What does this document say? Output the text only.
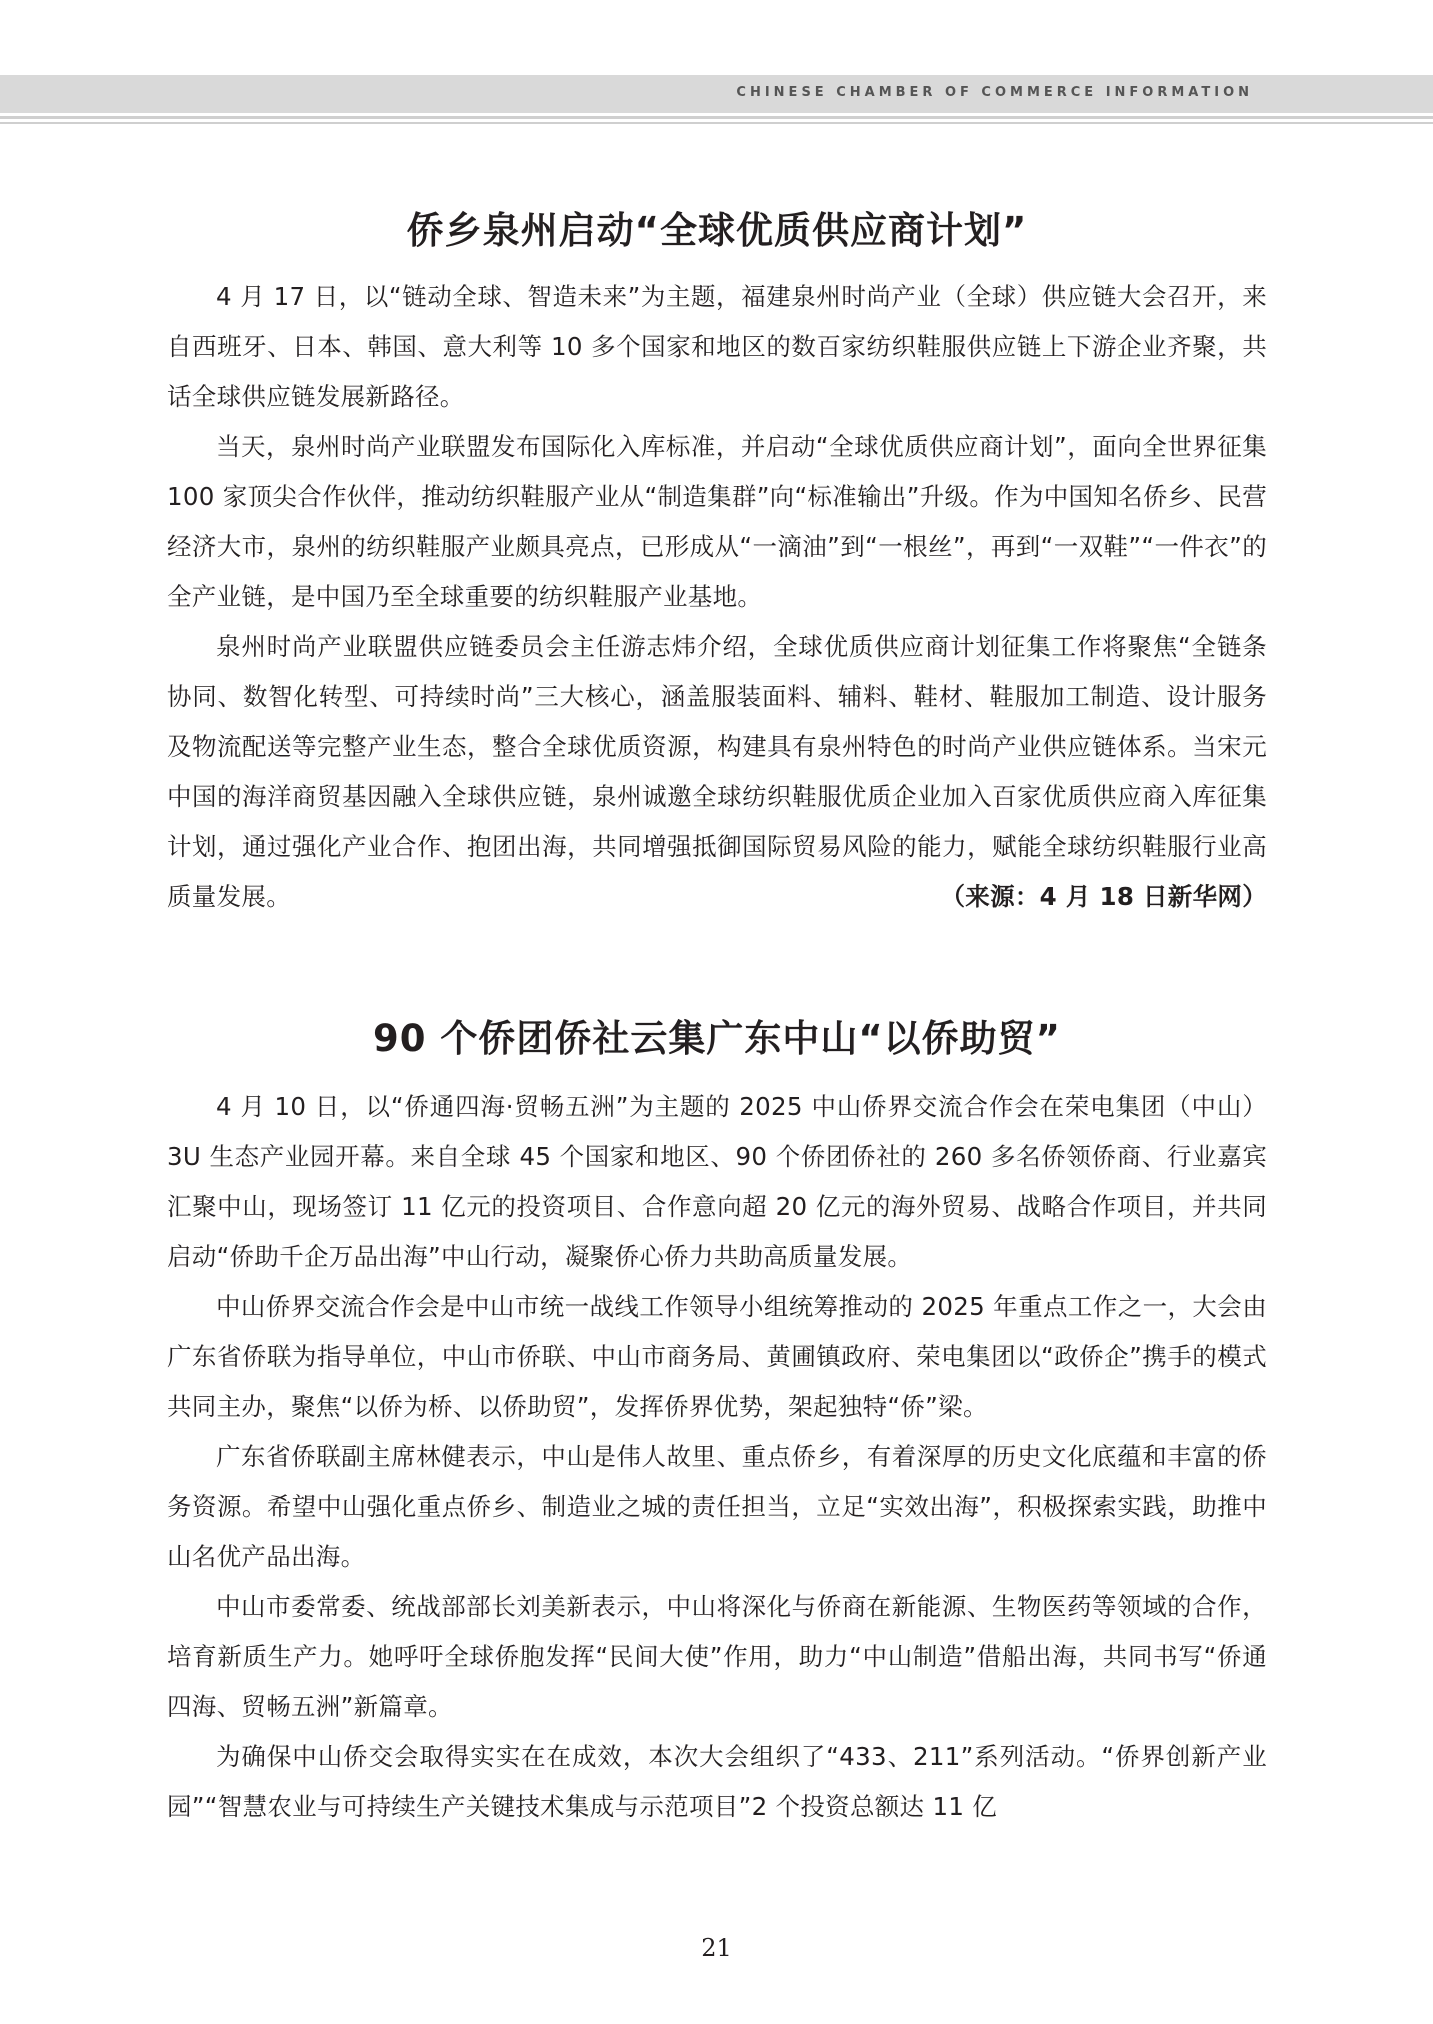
CHINESE CHAMBER OF COMMERCE INFORMATION
侨乡泉州启动“全球优质供应商计划”

4 月 17 日，以“链动全球、智造未来”为主题，福建泉州时尚产业（全球）供应链大会召开，来自西班牙、日本、韩国、意大利等 10 多个国家和地区的数百家纺织鞋服供应链上下游企业齐聚，共话全球供应链发展新路径。

当天，泉州时尚产业联盟发布国际化入库标准，并启动“全球优质供应商计划”，面向全世界征集 100 家顶尖合作伙伴，推动纺织鞋服产业从“制造集群”向“标准输出”升级。作为中国知名侨乡、民营经济大市，泉州的纺织鞋服产业颇具亮点，已形成从“一滴油”到“一根丝”，再到“一双鞋”“一件衣”的全产业链，是中国乃至全球重要的纺织鞋服产业基地。

泉州时尚产业联盟供应链委员会主任游志炜介绍，全球优质供应商计划征集工作将聚焦“全链条协同、数智化转型、可持续时尚”三大核心，涵盖服装面料、辅料、鞋材、鞋服加工制造、设计服务及物流配送等完整产业生态，整合全球优质资源，构建具有泉州特色的时尚产业供应链体系。当宋元中国的海洋商贸基因融入全球供应链，泉州诚邀全球纺织鞋服优质企业加入百家优质供应商入库征集计划，通过强化产业合作、抱团出海，共同增强抵御国际贸易风险的能力，赋能全球纺织鞋服行业高质量发展。	（来源：4 月 18 日新华网）

90 个侨团侨社云集广东中山“以侨助贸”

4 月 10 日，以“侨通四海·贸畅五洲”为主题的 2025 中山侨界交流合作会在荣电集团（中山）3U 生态产业园开幕。来自全球 45 个国家和地区、90 个侨团侨社的 260 多名侨领侨商、行业嘉宾汇聚中山，现场签订 11 亿元的投资项目、合作意向超 20 亿元的海外贸易、战略合作项目，并共同启动“侨助千企万品出海”中山行动，凝聚侨心侨力共助高质量发展。

中山侨界交流合作会是中山市统一战线工作领导小组统筹推动的 2025 年重点工作之一，大会由广东省侨联为指导单位，中山市侨联、中山市商务局、黄圃镇政府、荣电集团以“政侨企”携手的模式共同主办，聚焦“以侨为桥、以侨助贸”，发挥侨界优势，架起独特“侨”梁。

广东省侨联副主席林健表示，中山是伟人故里、重点侨乡，有着深厚的历史文化底蕴和丰富的侨务资源。希望中山强化重点侨乡、制造业之城的责任担当，立足“实效出海”，积极探索实践，助推中山名优产品出海。

中山市委常委、统战部部长刘美新表示，中山将深化与侨商在新能源、生物医药等领域的合作，培育新质生产力。她呼吁全球侨胞发挥“民间大使”作用，助力“中山制造”借船出海，共同书写“侨通四海、贸畅五洲”新篇章。

为确保中山侨交会取得实实在在成效，本次大会组织了“433、211”系列活动。“侨界创新产业园”“智慧农业与可持续生产关键技术集成与示范项目”2 个投资总额达 11 亿

21
